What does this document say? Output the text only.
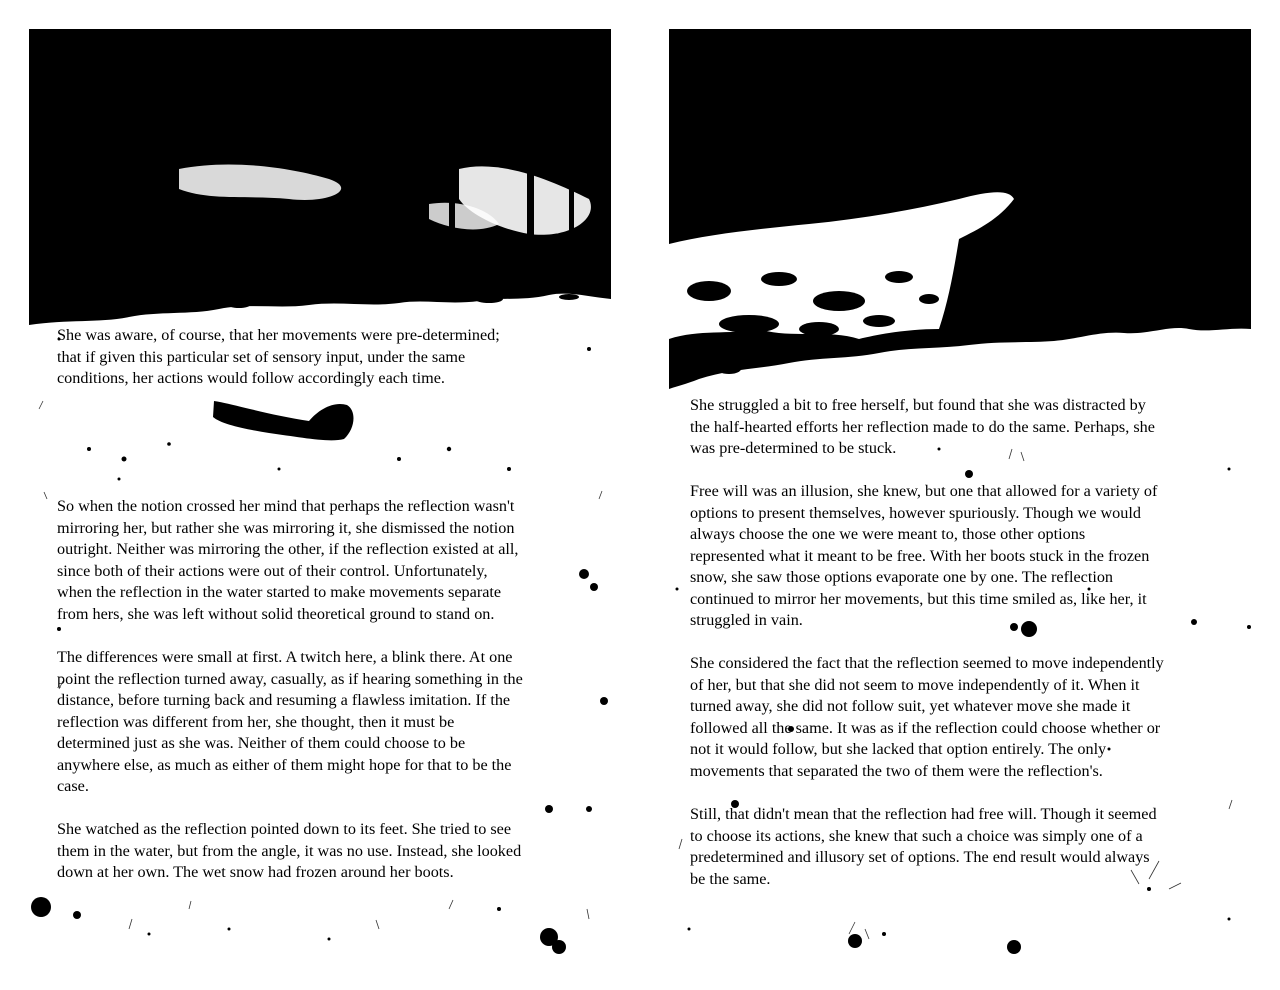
She was aware, of course, that her movements were pre-determined;
that if given this particular set of sensory input, under the same
conditions, her actions would follow accordingly each time.

So when the notion crossed her mind that perhaps the reflection wasn't
mirroring her, but rather she was mirroring it, she dismissed the notion
outright. Neither was mirroring the other, if the reflection existed at all,
since both of their actions were out of their control. Unfortunately,
when the reflection in the water started to make movements separate
from hers, she was left without solid theoretical ground to stand on.

The differences were small at first. A twitch here, a blink there. At one
point the reflection turned away, casually, as if hearing something in the
distance, before turning back and resuming a flawless imitation. If the
reflection was different from her, she thought, then it must be
determined just as she was. Neither of them could choose to be
anywhere else, as much as either of them might hope for that to be the
case.

She watched as the reflection pointed down to its feet. She tried to see
them in the water, but from the angle, it was no use. Instead, she looked
down at her own. The wet snow had frozen around her boots.

She struggled a bit to free herself, but found that she was distracted by
the half-hearted efforts her reflection made to do the same. Perhaps, she
was pre-determined to be stuck.

Free will was an illusion, she knew, but one that allowed for a variety of
options to present themselves, however spuriously. Though we would
always choose the one we were meant to, those other options
represented what it meant to be free. With her boots stuck in the frozen
snow, she saw those options evaporate one by one. The reflection
continued to mirror her movements, but this time smiled as, like her, it
struggled in vain.

She considered the fact that the reflection seemed to move independently
of her, but that she did not seem to move independently of it. When it
turned away, she did not follow suit, yet whatever move she made it
followed all the same. It was as if the reflection could choose whether or
not it would follow, but she lacked that option entirely. The only
movements that separated the two of them were the reflection's.

Still, that didn't mean that the reflection had free will. Though it seemed
to choose its actions, she knew that such a choice was simply one of a
predetermined and illusory set of options. The end result would always
be the same.
